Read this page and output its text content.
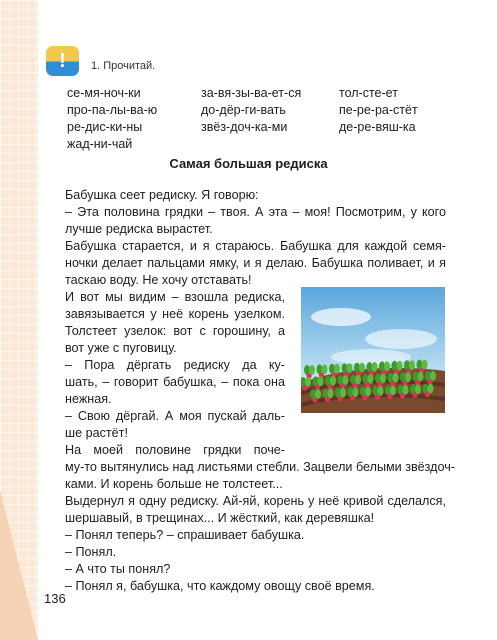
!	1. Прочитай.
се-мя-ноч-ки
про-па-лы-ва-ю
ре-дис-ки-ны
жад-ни-чай
за-вя-зы-ва-ет-ся
до-дёр-ги-вать
звёз-доч-ка-ми
тол-сте-ет
пе-ре-ра-стёт
де-ре-вяш-ка
Самая большая редиска
Бабушка сеет редиску. Я говорю:
– Эта половина грядки – твоя. А эта – моя! Посмотрим, у кого
лучше редиска вырастет.
Бабушка старается, и я стараюсь. Бабушка для каждой семя-
ночки делает пальцами ямку, и я делаю. Бабушка поливает, и я
таскаю воду. Не хочу отставать!
И вот мы видим – взошла редиска,
завязывается у неё корень узелком.
Толстеет узелок: вот с горошину, а
вот уже с пуговицу.
– Пора дёргать редиску да ку-
шать, – говорит бабушка, – пока она
нежная.
– Свою дёргай. А моя пускай даль-
ше растёт!
На моей половине грядки поче-
му-то вытянулись над листьями стебли. Зацвели белыми звёздоч-
ками. И корень больше не толстеет...
Выдернул я одну редиску. Ай-яй, корень у неё кривой сделался,
шершавый, в трещинах... И жёсткий, как деревяшка!
– Понял теперь? – спрашивает бабушка.
– Понял.
– А что ты понял?
– Понял я, бабушка, что каждому овощу своё время.
136
